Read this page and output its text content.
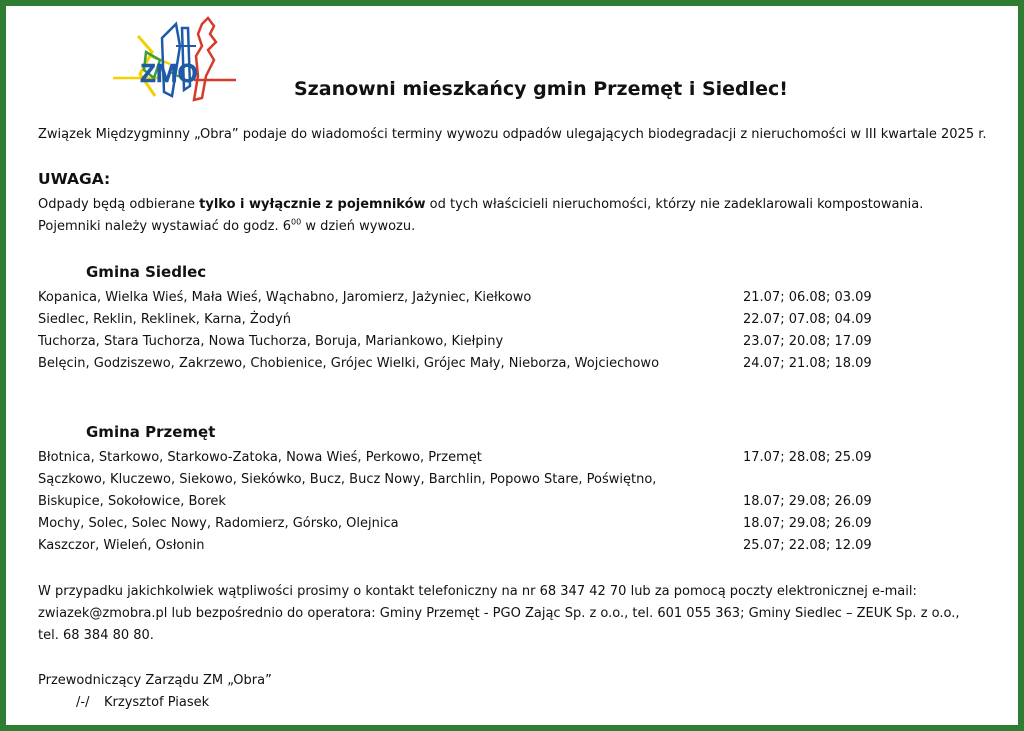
ZMO
Szanowni mieszkańcy gmin Przemęt i Siedlec!
Związek Międzygminny „Obra” podaje do wiadomości terminy wywozu odpadów ulegających biodegradacji z nieruchomości w III kwartale 2025 r.
UWAGA:
Odpady będą odbierane tylko i wyłącznie z pojemników od tych właścicieli nieruchomości, którzy nie zadeklarowali kompostowania.
Pojemniki należy wystawiać do godz. $6^{00}$ w dzień wywozu.
Gmina Siedlec
Kopanica, Wielka Wieś, Mała Wieś, Wąchabno, Jaromierz, Jażyniec, Kiełkowo	21.07; 06.08; 03.09
Siedlec, Reklin, Reklinek, Karna, Żodyń	22.07; 07.08; 04.09
Tuchorza, Stara Tuchorza, Nowa Tuchorza, Boruja, Mariankowo, Kiełpiny	23.07; 20.08; 17.09
Belęcin, Godziszewo, Zakrzewo, Chobienice, Grójec Wielki, Grójec Mały, Nieborza, Wojciechowo	24.07; 21.08; 18.09
Gmina Przemęt
Błotnica, Starkowo, Starkowo-Zatoka, Nowa Wieś, Perkowo, Przemęt	17.07; 28.08; 25.09
Sączkowo, Kluczewo, Siekowo, Siekówko, Bucz, Bucz Nowy, Barchlin, Popowo Stare, Poświętno,
Biskupice, Sokołowice, Borek	18.07; 29.08; 26.09
Mochy, Solec, Solec Nowy, Radomierz, Górsko, Olejnica	18.07; 29.08; 26.09
Kaszczor, Wieleń, Osłonin	25.07; 22.08; 12.09
W przypadku jakichkolwiek wątpliwości prosimy o kontakt telefoniczny na nr 68 347 42 70 lub za pomocą poczty elektronicznej e-mail:
zwiazek@zmobra.pl lub bezpośrednio do operatora: Gminy Przemęt - PGO Zając Sp. z o.o., tel. 601 055 363; Gminy Siedlec – ZEUK Sp. z o.o.,
tel. 68 384 80 80.
Przewodniczący Zarządu ZM „Obra”
/-/ Krzysztof Piasek
